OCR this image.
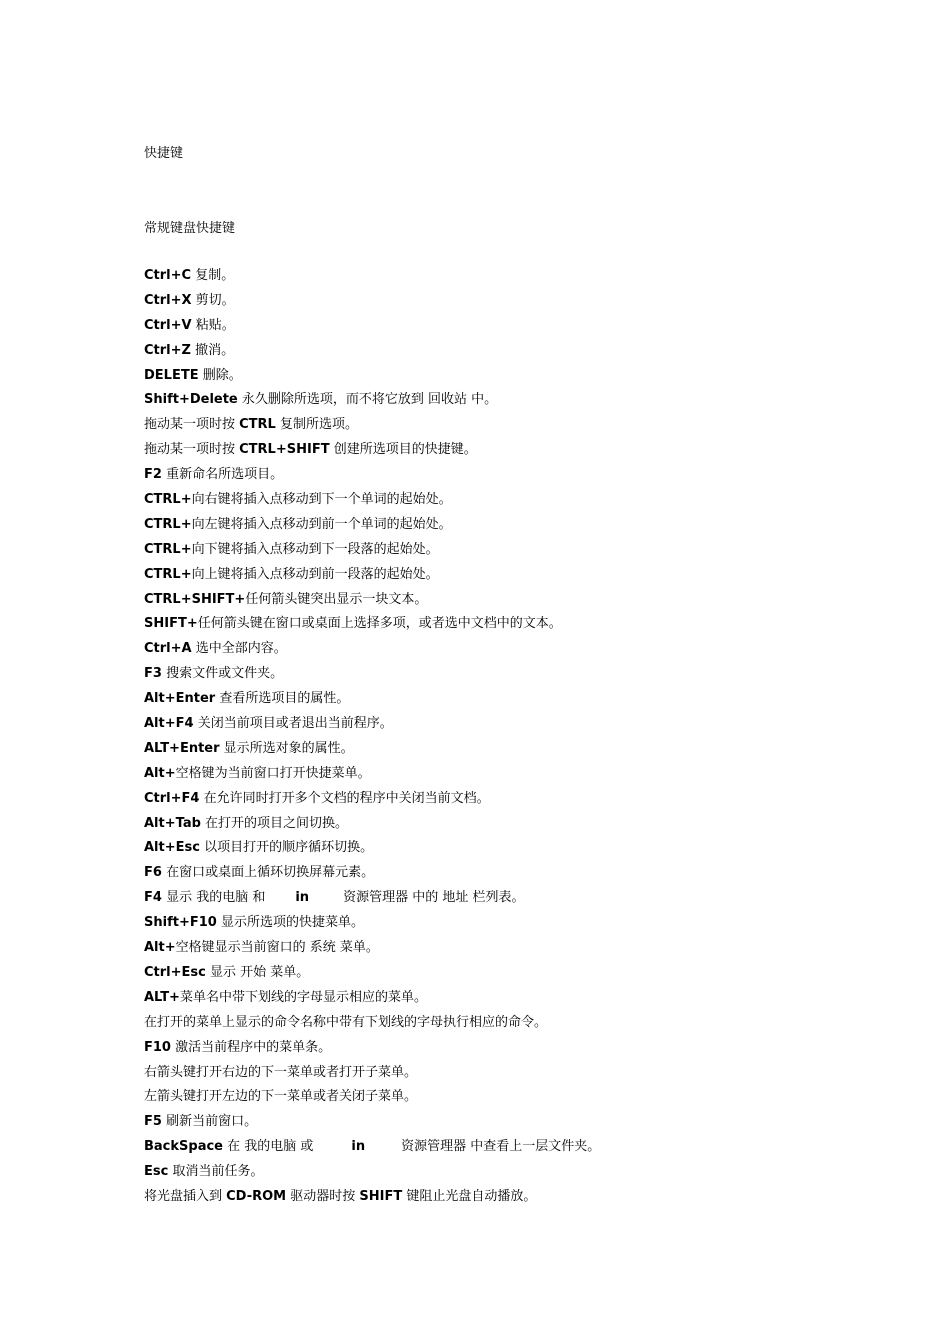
快捷键
常规键盘快捷键
Ctrl+C 复制。
Ctrl+X 剪切。
Ctrl+V 粘贴。
Ctrl+Z 撤消。
DELETE 删除。
Shift+Delete 永久删除所选项，而不将它放到 回收站 中。
拖动某一项时按 CTRL 复制所选项。
拖动某一项时按 CTRL+SHIFT 创建所选项目的快捷键。
F2 重新命名所选项目。
CTRL+向右键将插入点移动到下一个单词的起始处。
CTRL+向左键将插入点移动到前一个单词的起始处。
CTRL+向下键将插入点移动到下一段落的起始处。
CTRL+向上键将插入点移动到前一段落的起始处。
CTRL+SHIFT+任何箭头键突出显示一块文本。
SHIFT+任何箭头键在窗口或桌面上选择多项，或者选中文档中的文本。
Ctrl+A 选中全部内容。
F3 搜索文件或文件夹。
Alt+Enter 查看所选项目的属性。
Alt+F4 关闭当前项目或者退出当前程序。
ALT+Enter 显示所选对象的属性。
Alt+空格键为当前窗口打开快捷菜单。
Ctrl+F4 在允许同时打开多个文档的程序中关闭当前文档。
Alt+Tab 在打开的项目之间切换。
Alt+Esc 以项目打开的顺序循环切换。
F6 在窗口或桌面上循环切换屏幕元素。
F4 显示 我的电脑 和 in	资源管理器 中的 地址 栏列表。
Shift+F10 显示所选项的快捷菜单。
Alt+空格键显示当前窗口的 系统 菜单。
Ctrl+Esc 显示 开始 菜单。
ALT+菜单名中带下划线的字母显示相应的菜单。
在打开的菜单上显示的命令名称中带有下划线的字母执行相应的命令。
F10 激活当前程序中的菜单条。
右箭头键打开右边的下一菜单或者打开子菜单。
左箭头键打开左边的下一菜单或者关闭子菜单。
F5 刷新当前窗口。
BackSpace 在 我的电脑 或	in	资源管理器 中查看上一层文件夹。
Esc 取消当前任务。
将光盘插入到 CD-ROM 驱动器时按 SHIFT 键阻止光盘自动播放。
